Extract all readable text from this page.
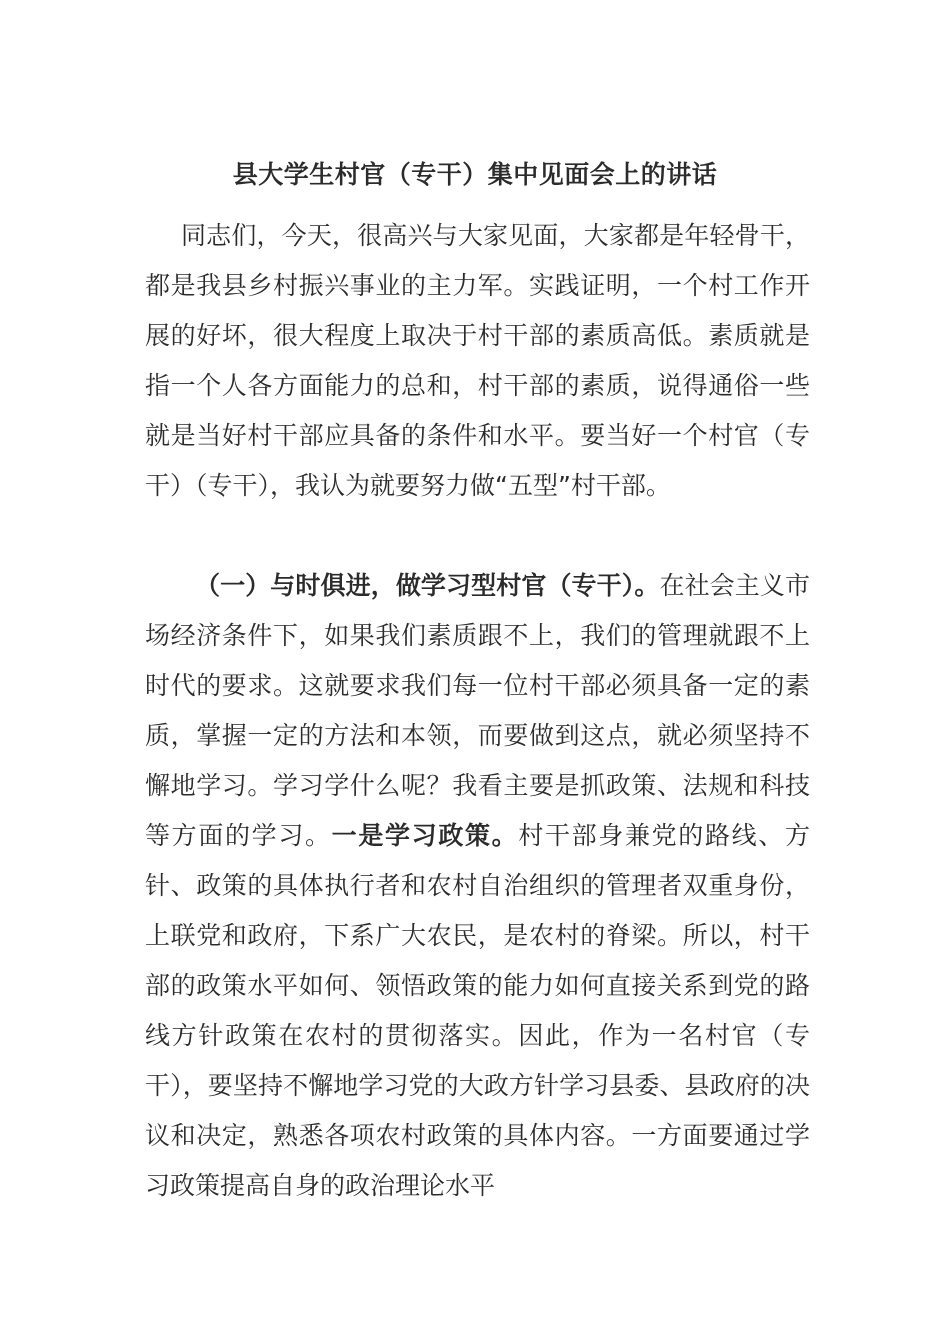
县大学生村官（专干）集中见面会上的讲话

同志们，今天，很高兴与大家见面，大家都是年轻骨干，都是我县乡村振兴事业的主力军。实践证明，一个村工作开展的好坏，很大程度上取决于村干部的素质高低。素质就是指一个人各方面能力的总和，村干部的素质，说得通俗一些就是当好村干部应具备的条件和水平。要当好一个村官（专干）（专干），我认为就要努力做“五型”村干部。

（一）与时俱进，做学习型村官（专干）。在社会主义市场经济条件下，如果我们素质跟不上，我们的管理就跟不上时代的要求。这就要求我们每一位村干部必须具备一定的素质，掌握一定的方法和本领，而要做到这点，就必须坚持不懈地学习。学习学什么呢？我看主要是抓政策、法规和科技等方面的学习。一是学习政策。村干部身兼党的路线、方针、政策的具体执行者和农村自治组织的管理者双重身份，上联党和政府，下系广大农民，是农村的脊梁。所以，村干部的政策水平如何、领悟政策的能力如何直接关系到党的路线方针政策在农村的贯彻落实。因此，作为一名村官（专干），要坚持不懈地学习党的大政方针学习县委、县政府的决议和决定，熟悉各项农村政策的具体内容。一方面要通过学习政策提高自身的政治理论水平
